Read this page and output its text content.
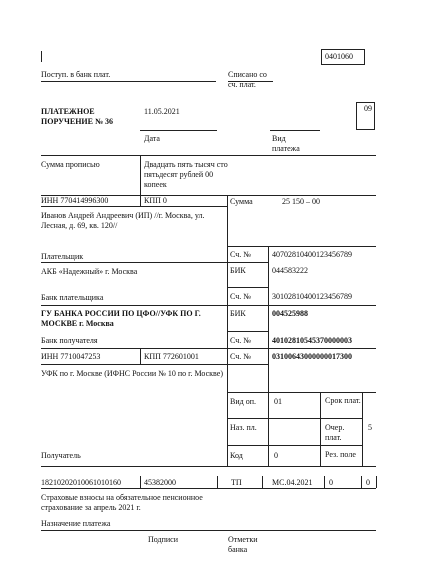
0401060
Поступ. в банк плат.	Списано со сч. плат.
ПЛАТЕЖНОЕ ПОРУЧЕНИЕ № 36
11.05.2021
Дата	Вид платежа
09
Сумма прописью	Двадцать пять тысяч сто пятьдесят рублей 00 копеек
ИНН 770414996300	КПП 0	Сумма	25 150 – 00
Иванов Андрей Андреевич (ИП) //г. Москва, ул. Лесная, д. 69, кв. 120//
Плательщик	Сч. №	40702810400123456789
АКБ «Надежный» г. Москва	БИК	044583222
Банк плательщика	Сч. №	30102810400123456789
ГУ БАНКА РОССИИ ПО ЦФО//УФК ПО Г. МОСКВЕ г. Москва
БИК	004525988
Банк получателя	Сч. №	40102810545370000003
ИНН 7710047253	КПП 772601001	Сч. №	03100643000000017300
УФК по г. Москве (ИФНС России № 10 по г. Москве)
Получатель
Вид оп. 01	Срок плат.
Наз. пл.	Очер. плат.
5
Код	0	Рез. поле
18210202010061010160	45382000	ТП	МС.04.2021 0	0
Страховые взносы на обязательное пенсионное страхование за апрель 2021 г.
Назначение платежа
Подписи	Отметки банка
